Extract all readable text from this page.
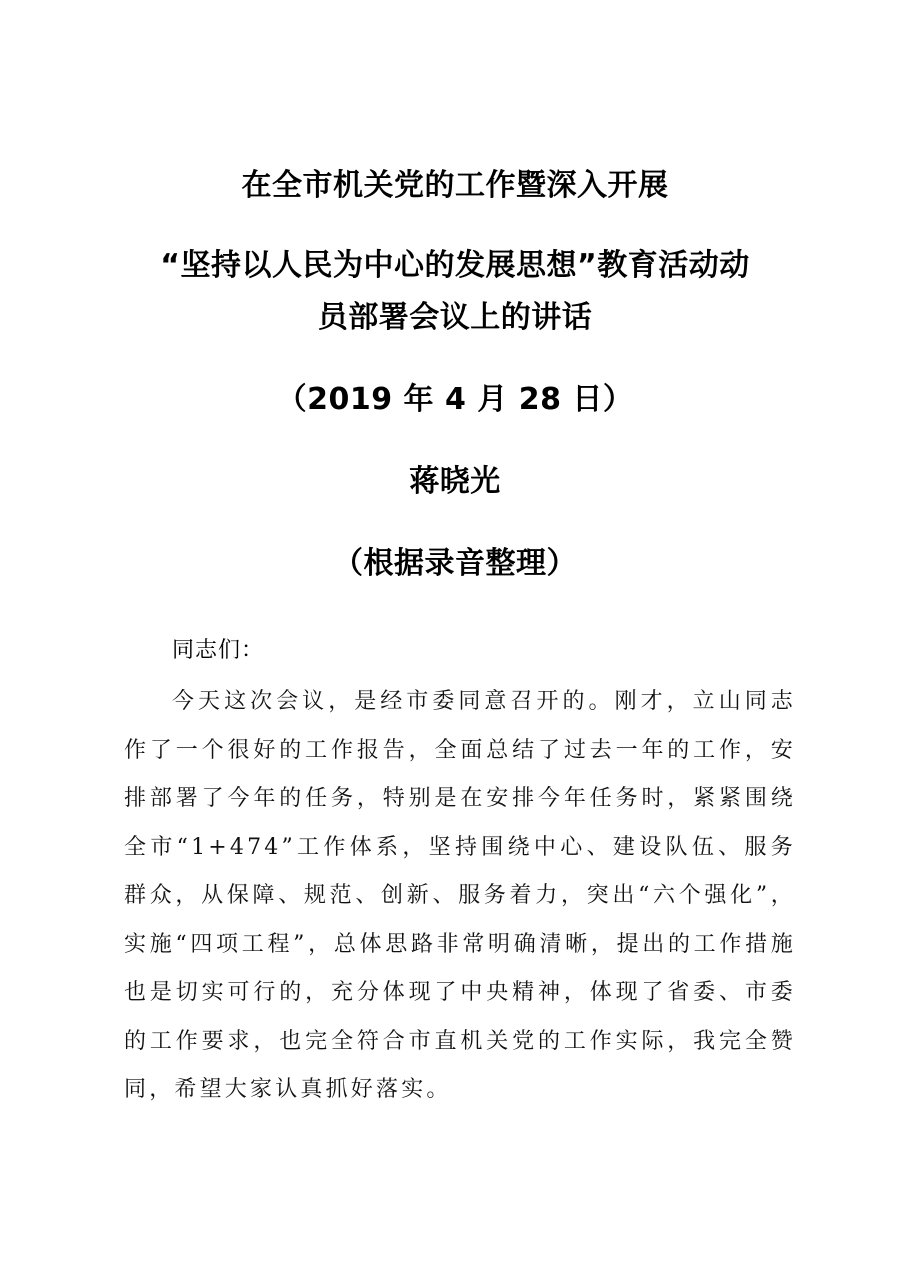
在全市机关党的工作暨深入开展
“坚持以人民为中心的发展思想”教育活动动
员部署会议上的讲话
（2019 年 4 月 28 日）
蒋晓光
（根据录音整理）
同志们：

今天这次会议，是经市委同意召开的。刚才，立山同志作了一个很好的工作报告，全面总结了过去一年的工作，安排部署了今年的任务，特别是在安排今年任务时，紧紧围绕全市“1+474”工作体系，坚持围绕中心、建设队伍、服务群众，从保障、规范、创新、服务着力，突出“六个强化”，实施“四项工程”，总体思路非常明确清晰，提出的工作措施也是切实可行的，充分体现了中央精神，体现了省委、市委的工作要求，也完全符合市直机关党的工作实际，我完全赞同，希望大家认真抓好落实。
